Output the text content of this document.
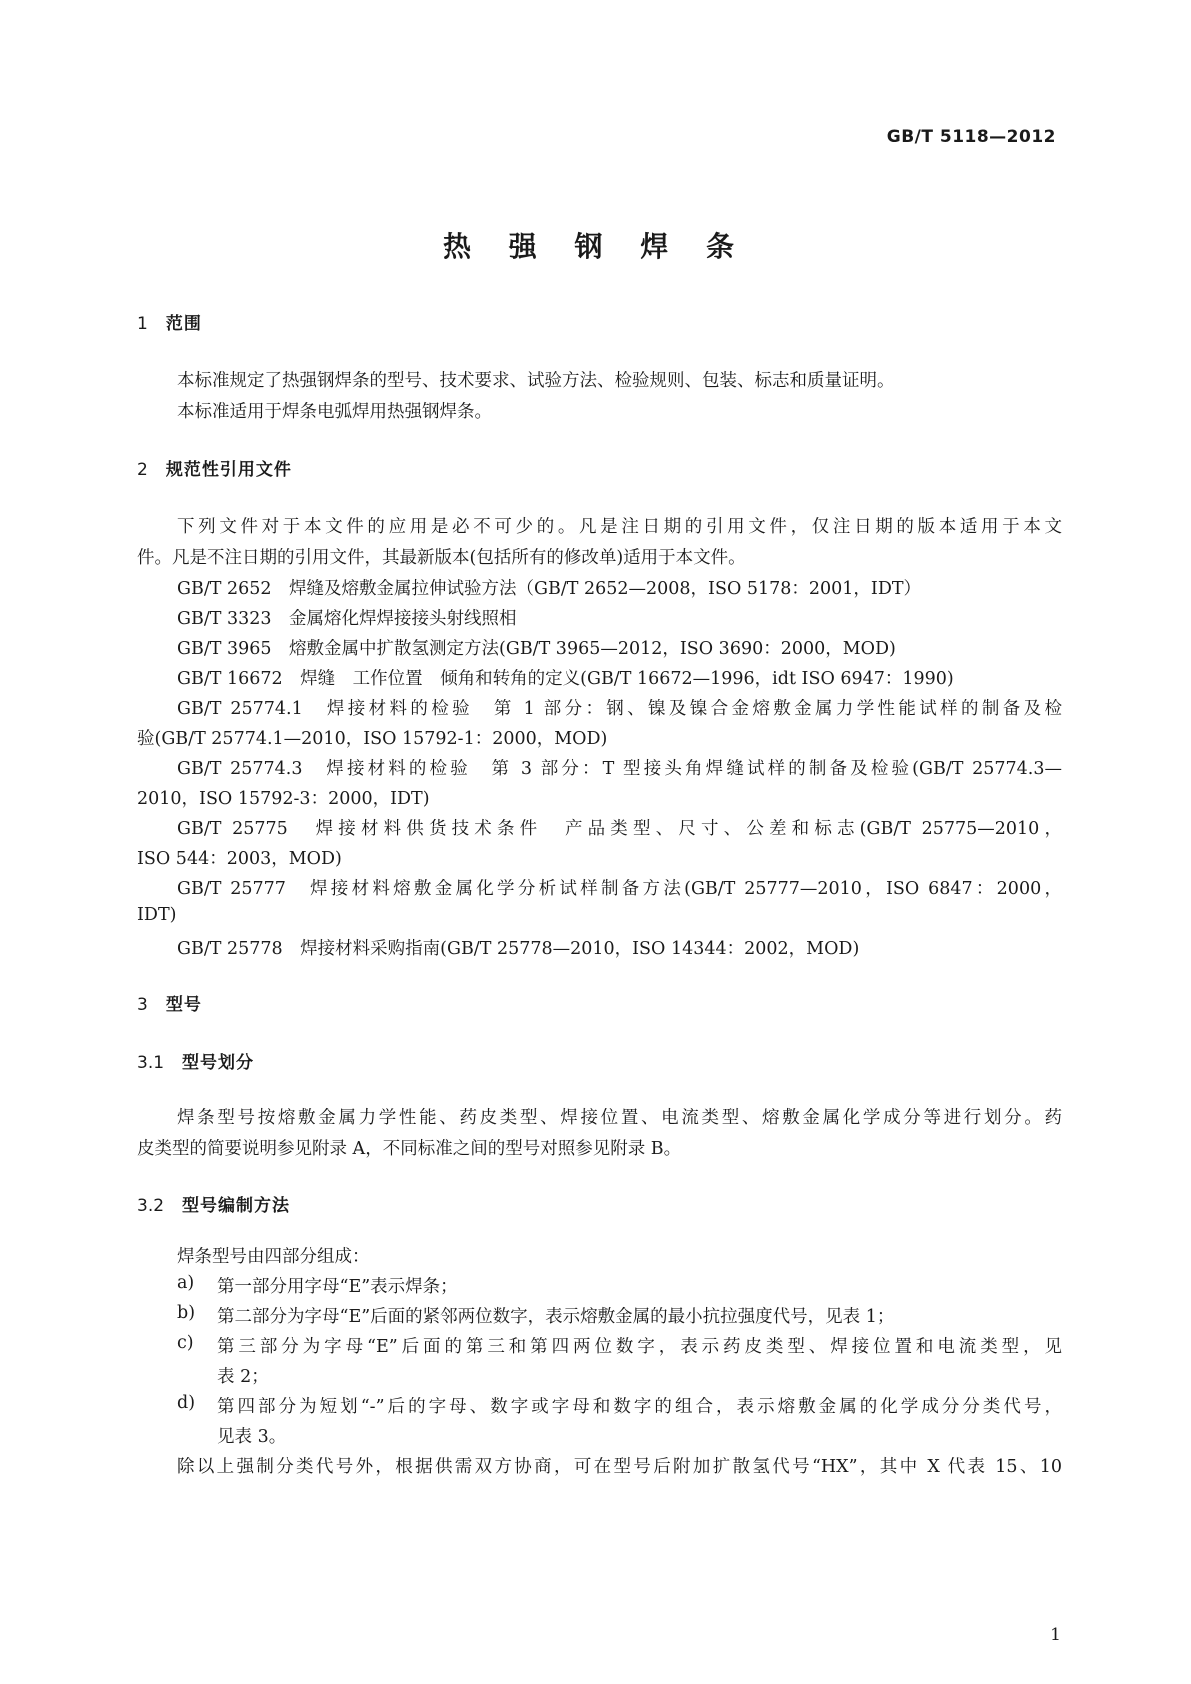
GB/T 5118—2012
热 强 钢 焊 条
1 范围
本标准规定了热强钢焊条的型号、技术要求、试验方法、检验规则、包装、标志和质量证明。
本标准适用于焊条电弧焊用热强钢焊条。
2 规范性引用文件
下列文件对于本文件的应用是必不可少的。凡是注日期的引用文件，仅注日期的版本适用于本文
件。凡是不注日期的引用文件，其最新版本(包括所有的修改单)适用于本文件。
GB/T 2652　焊缝及熔敷金属拉伸试验方法（GB/T 2652—2008，ISO 5178：2001，IDT）
GB/T 3323　金属熔化焊焊接接头射线照相
GB/T 3965　熔敷金属中扩散氢测定方法(GB/T 3965—2012，ISO 3690：2000，MOD)
GB/T 16672　焊缝　工作位置　倾角和转角的定义(GB/T 16672—1996，idt ISO 6947：1990)
GB/T 25774.1　焊接材料的检验　第 1 部分：钢、镍及镍合金熔敷金属力学性能试样的制备及检
验(GB/T 25774.1—2010，ISO 15792-1：2000，MOD)
GB/T 25774.3　焊接材料的检验　第 3 部分：T 型接头角焊缝试样的制备及检验(GB/T 25774.3—
2010，ISO 15792-3：2000，IDT)
GB/T 25775　焊接材料供货技术条件　产品类型、尺寸、公差和标志(GB/T 25775—2010，
ISO 544：2003，MOD)
GB/T 25777　焊接材料熔敷金属化学分析试样制备方法(GB/T 25777—2010，ISO 6847：2000，
IDT)
GB/T 25778　焊接材料采购指南(GB/T 25778—2010，ISO 14344：2002，MOD)
3 型号
3.1 型号划分
焊条型号按熔敷金属力学性能、药皮类型、焊接位置、电流类型、熔敷金属化学成分等进行划分。药
皮类型的简要说明参见附录 A，不同标准之间的型号对照参见附录 B。
3.2 型号编制方法
焊条型号由四部分组成：
a) 第一部分用字母“E”表示焊条；
b) 第二部分为字母“E”后面的紧邻两位数字，表示熔敷金属的最小抗拉强度代号，见表 1；
c) 第三部分为字母“E”后面的第三和第四两位数字，表示药皮类型、焊接位置和电流类型，见
表 2；
d) 第四部分为短划“-”后的字母、数字或字母和数字的组合，表示熔敷金属的化学成分分类代号，
见表 3。
除以上强制分类代号外，根据供需双方协商，可在型号后附加扩散氢代号“HX”，其中 X 代表 15、10
1
